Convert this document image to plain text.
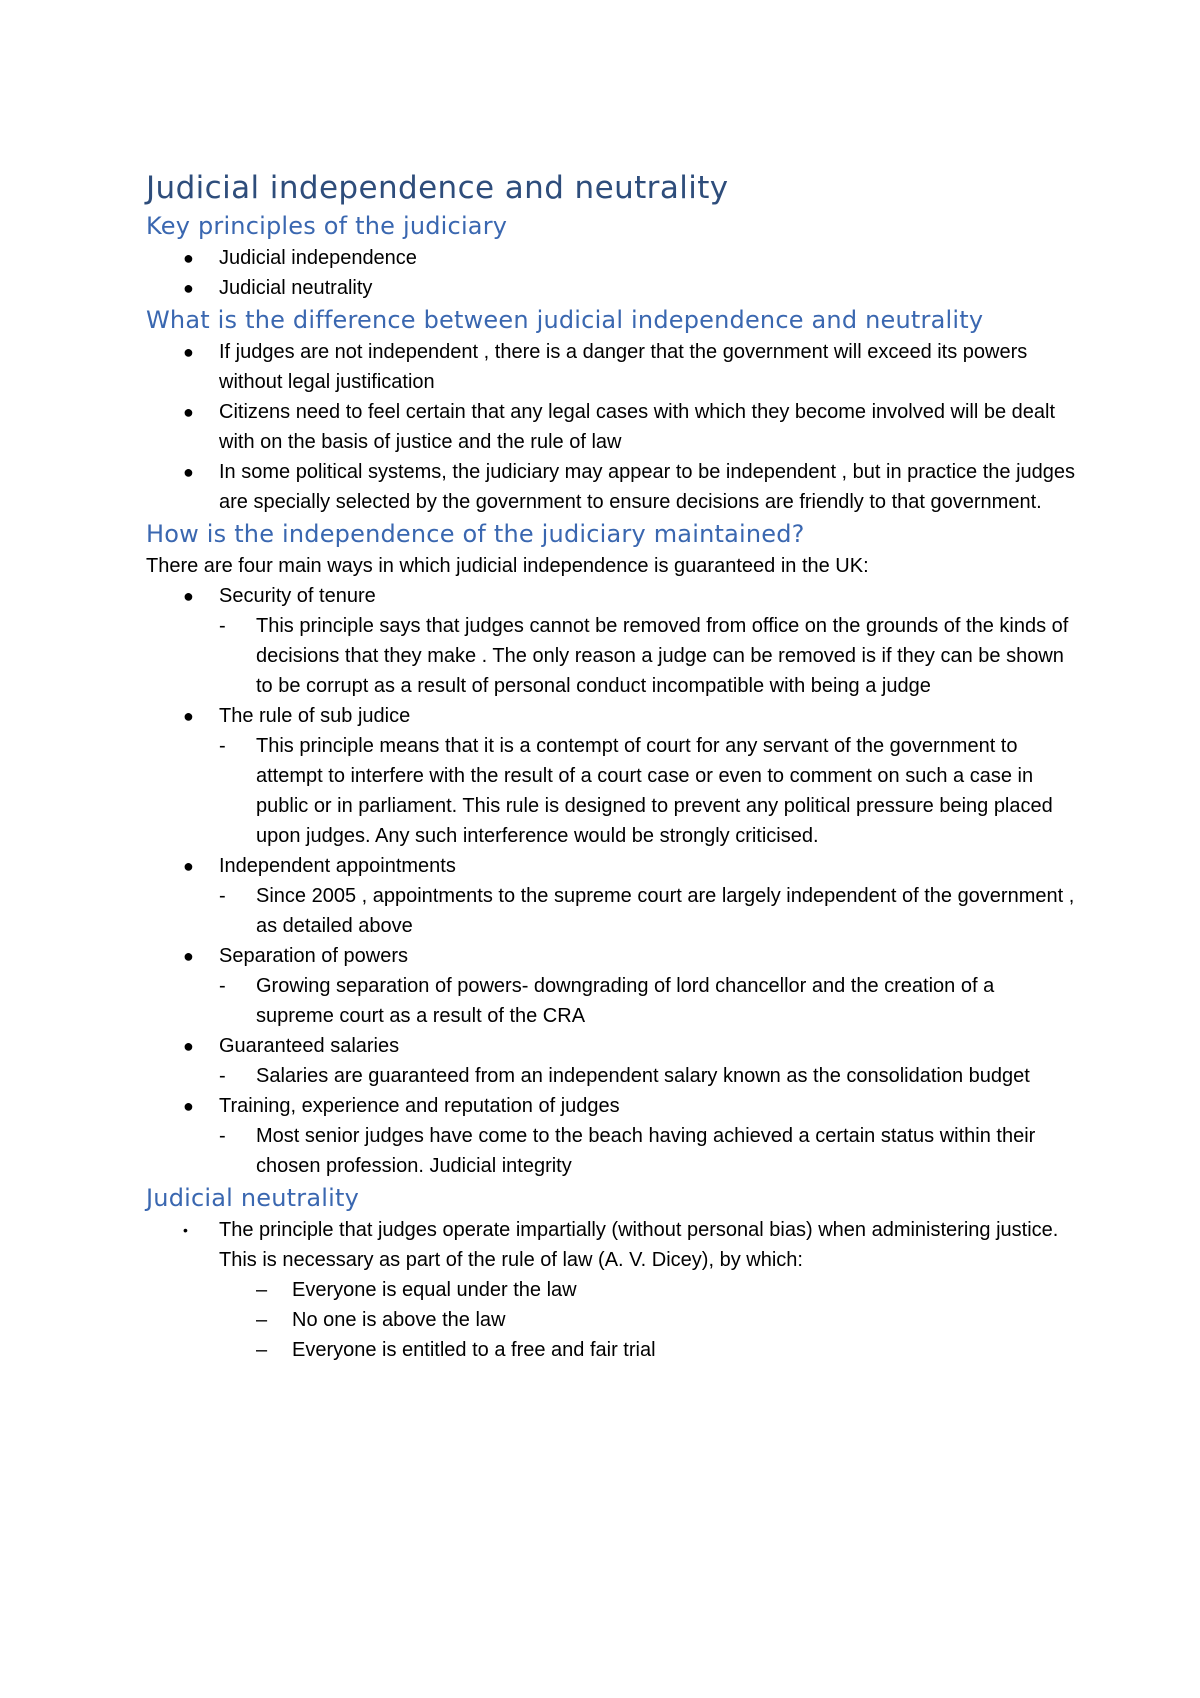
Judicial independence and neutrality
Key principles of the judiciary
● Judicial independence
● Judicial neutrality
What is the difference between judicial independence and neutrality
● If judges are not independent , there is a danger that the government will exceed its powers without legal justification
● Citizens need to feel certain that any legal cases with which they become involved will be dealt with on the basis of justice and the rule of law
● In some political systems, the judiciary may appear to be independent , but in practice the judges are specially selected by the government to ensure decisions are friendly to that government.
How is the independence of the judiciary maintained?

There are four main ways in which judicial independence is guaranteed in the UK:

● Security of tenure
- This principle says that judges cannot be removed from office on the grounds of the kinds of decisions that they make . The only reason a judge can be removed is if they can be shown to be corrupt as a result of personal conduct incompatible with being a judge
● The rule of sub judice
- This principle means that it is a contempt of court for any servant of the government to attempt to interfere with the result of a court case or even to comment on such a case in public or in parliament. This rule is designed to prevent any political pressure being placed upon judges. Any such interference would be strongly criticised.
● Independent appointments
- Since 2005 , appointments to the supreme court are largely independent of the government , as detailed above
● Separation of powers
- Growing separation of powers- downgrading of lord chancellor and the creation of a supreme court as a result of the CRA
● Guaranteed salaries
- Salaries are guaranteed from an independent salary known as the consolidation budget
● Training, experience and reputation of judges
- Most senior judges have come to the beach having achieved a certain status within their chosen profession. Judicial integrity
Judicial neutrality
• The principle that judges operate impartially (without personal bias) when administering justice. This is necessary as part of the rule of law (A. V. Dicey), by which:
– Everyone is equal under the law
– No one is above the law
– Everyone is entitled to a free and fair trial
